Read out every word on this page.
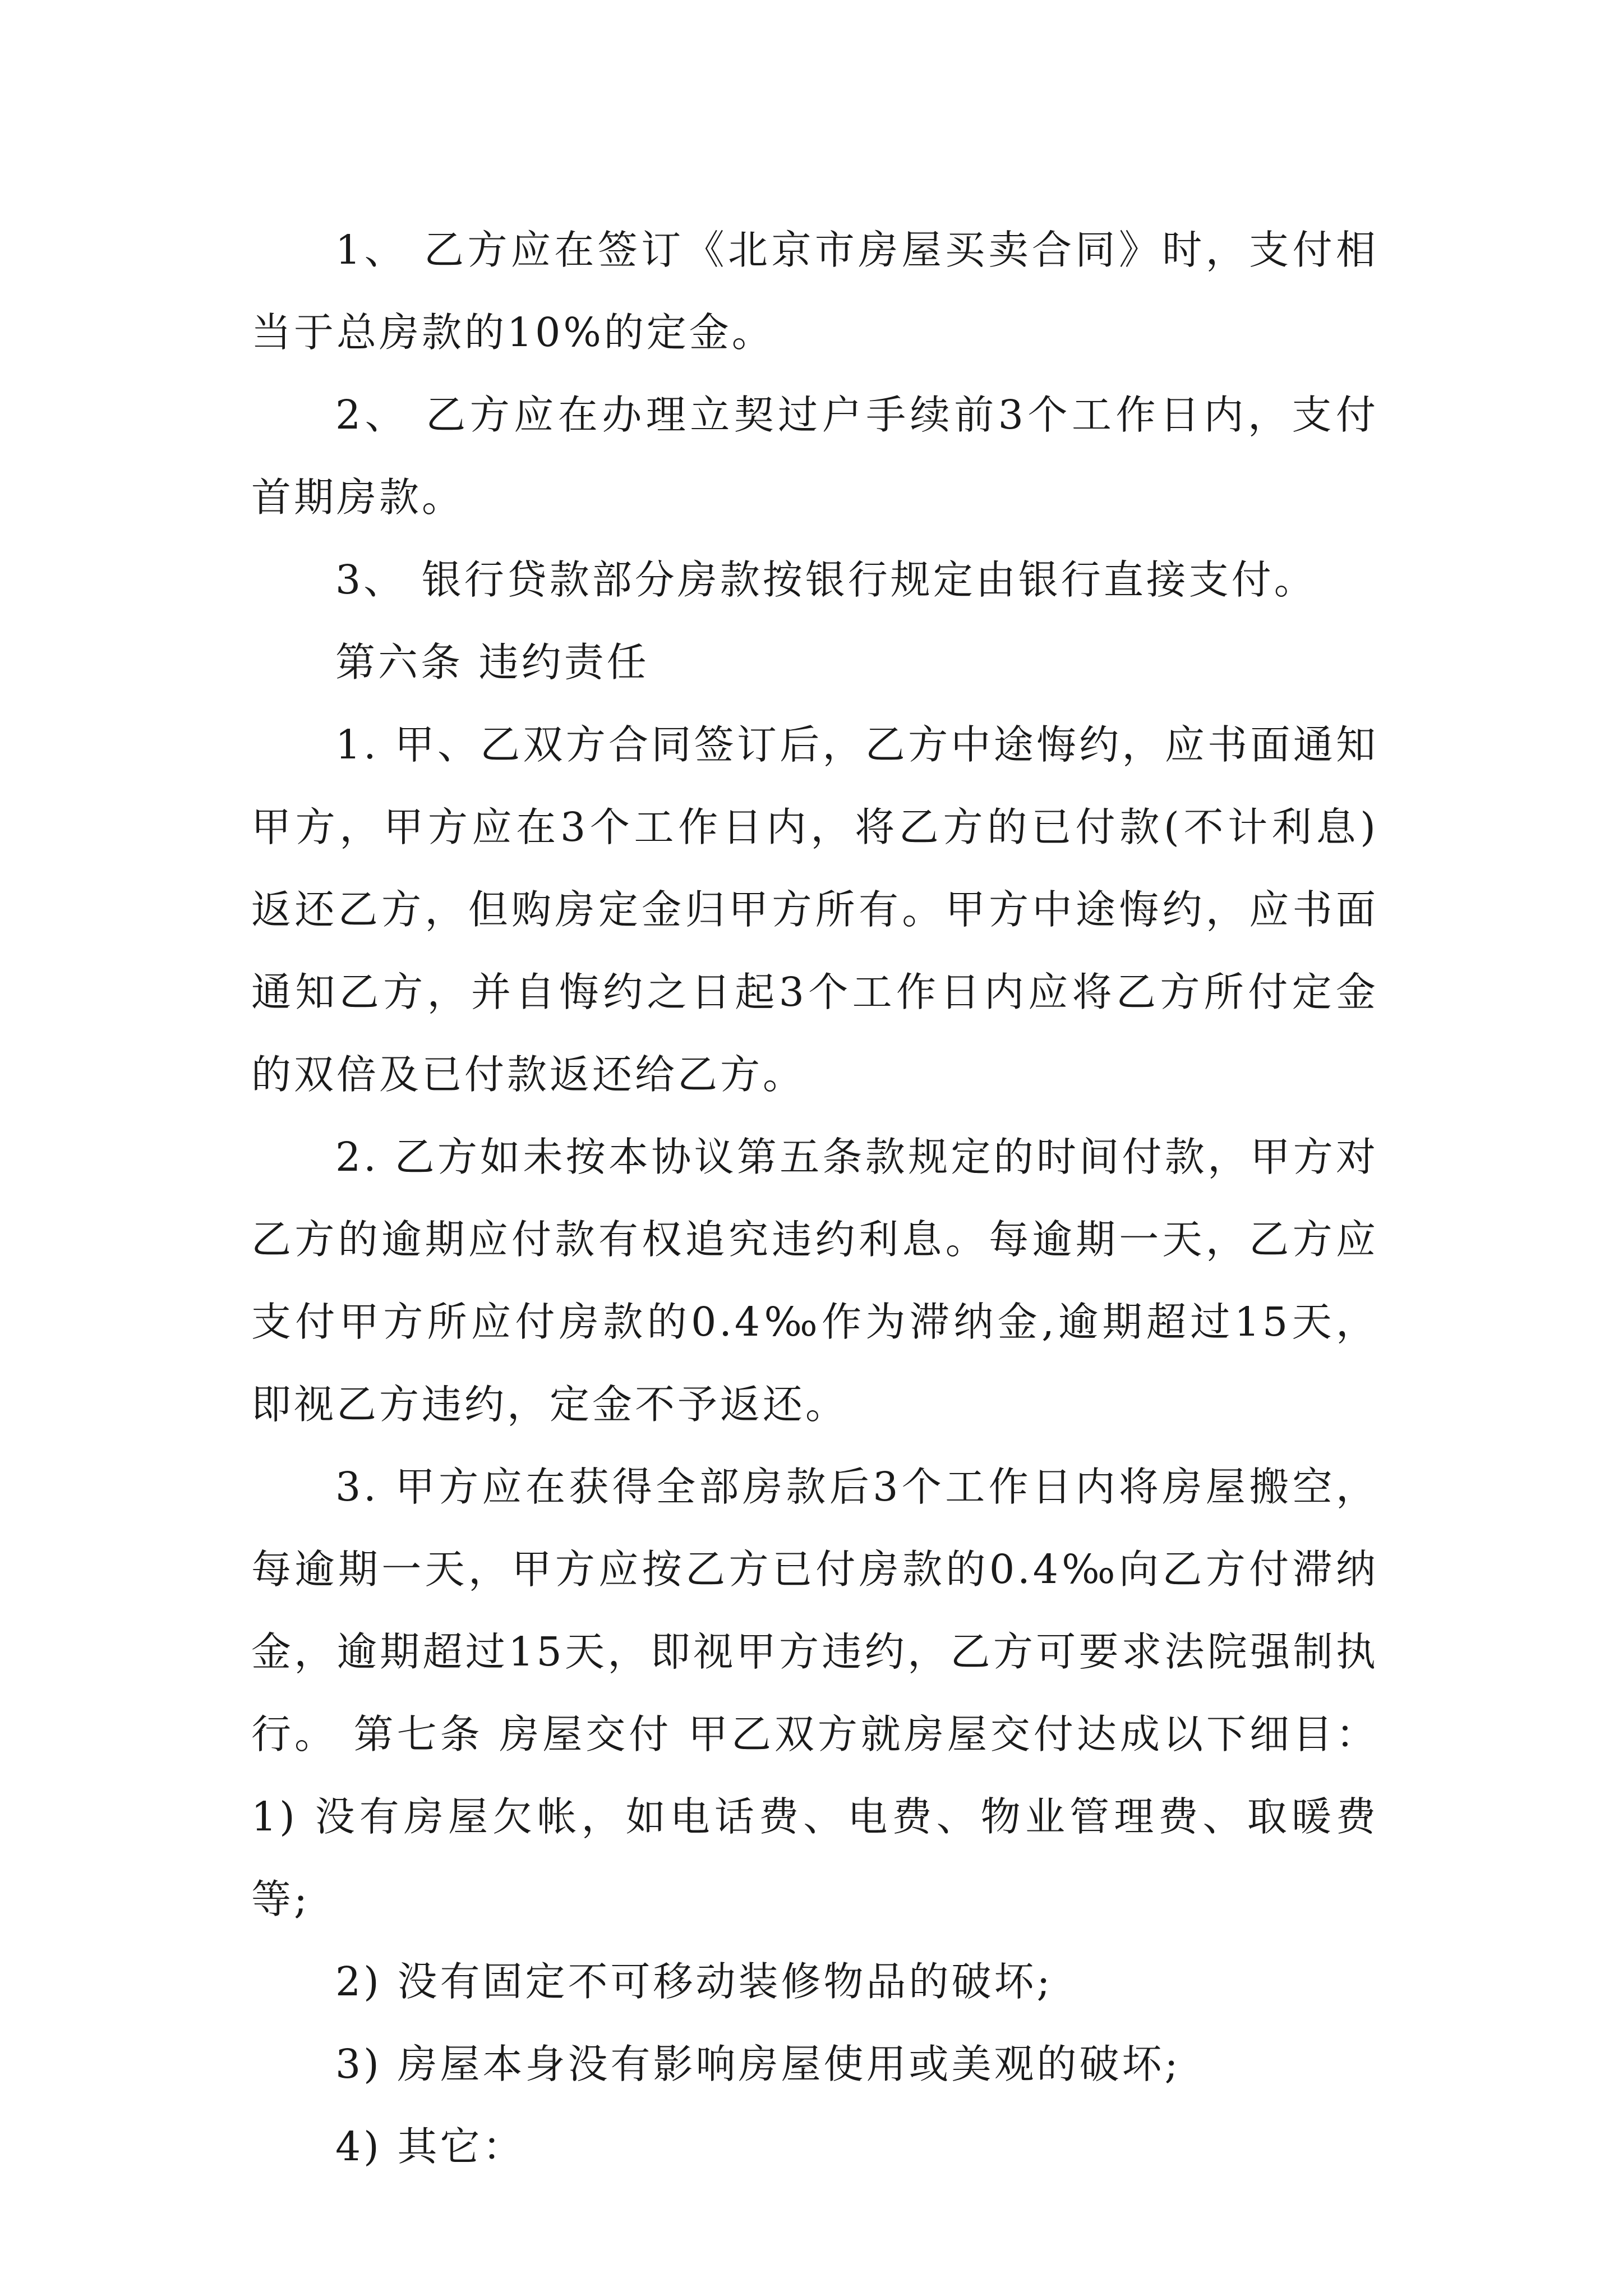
1、 乙方应在签订《北京市房屋买卖合同》时，支付相当于总房款的10%的定金。

2、 乙方应在办理立契过户手续前3个工作日内，支付首期房款。

3、 银行贷款部分房款按银行规定由银行直接支付。

第六条 违约责任

1. 甲、乙双方合同签订后，乙方中途悔约，应书面通知甲方，甲方应在3个工作日内，将乙方的已付款(不计利息)返还乙方，但购房定金归甲方所有。甲方中途悔约，应书面通知乙方，并自悔约之日起3个工作日内应将乙方所付定金的双倍及已付款返还给乙方。

2. 乙方如未按本协议第五条款规定的时间付款，甲方对乙方的逾期应付款有权追究违约利息。每逾期一天，乙方应支付甲方所应付房款的0.4‰作为滞纳金,逾期超过15天，即视乙方违约，定金不予返还。

3. 甲方应在获得全部房款后3个工作日内将房屋搬空，每逾期一天，甲方应按乙方已付房款的0.4‰向乙方付滞纳金，逾期超过15天，即视甲方违约，乙方可要求法院强制执行。 第七条 房屋交付 甲乙双方就房屋交付达成以下细目： 1) 没有房屋欠帐，如电话费、电费、物业管理费、取暖费等;

2) 没有固定不可移动装修物品的破坏;

3) 房屋本身没有影响房屋使用或美观的破坏;

4) 其它：
